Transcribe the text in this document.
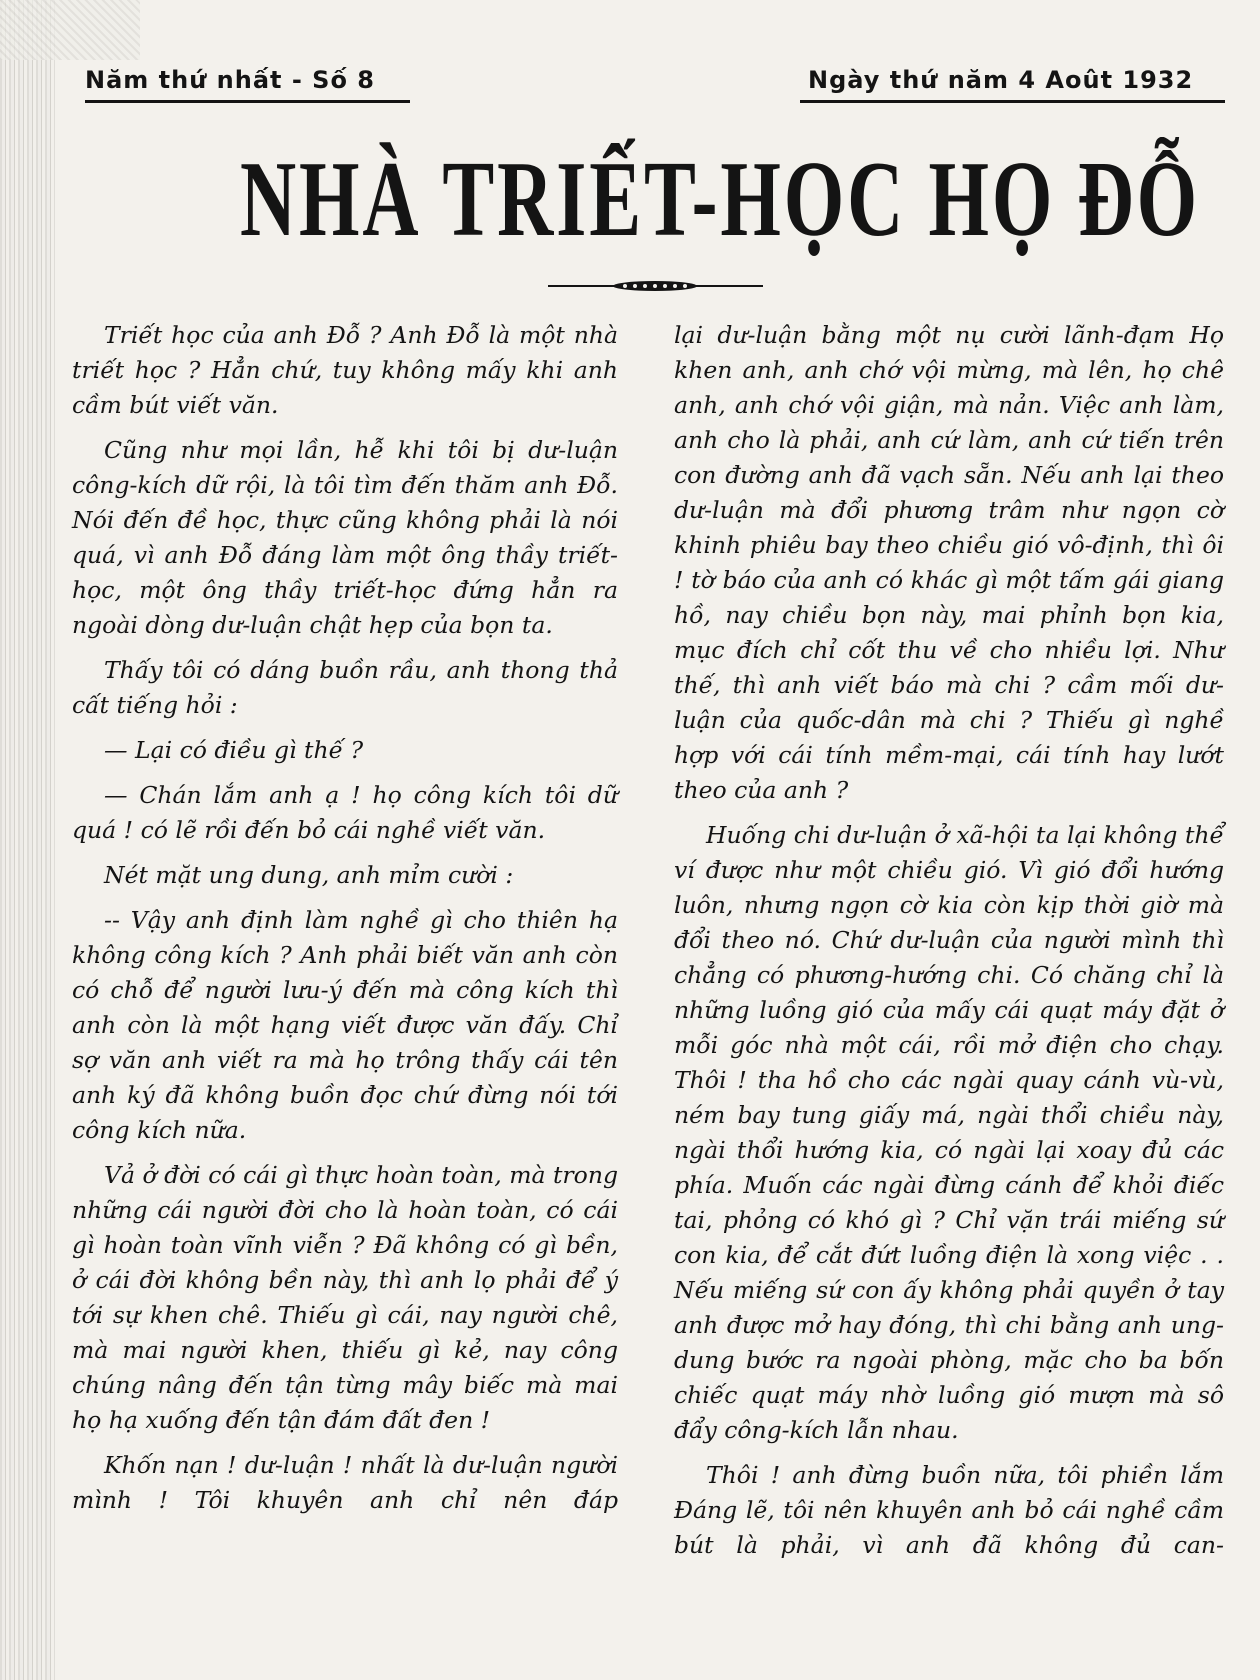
Năm thứ nhất - Số 8	Ngày thứ năm 4 Août 1932
NHÀ TRIẾT-HỌC HỌ ĐỖ

Triết học của anh Đỗ ? Anh Đỗ là một nhà triết học ? Hẳn chứ, tuy không mấy khi anh cầm bút viết văn.

Cũng như mọi lần, hễ khi tôi bị dư-luận công-kích dữ rội, là tôi tìm đến thăm anh Đỗ. Nói đến đề học, thực cũng không phải là nói quá, vì anh Đỗ đáng làm một ông thầy triết-học, một ông thầy triết-học đứng hẳn ra ngoài dòng dư-luận chật hẹp của bọn ta.

Thấy tôi có dáng buồn rầu, anh thong thả cất tiếng hỏi :

— Lại có điều gì thế ?

— Chán lắm anh ạ ! họ công kích tôi dữ quá ! có lẽ rồi đến bỏ cái nghề viết văn.

Nét mặt ung dung, anh mỉm cười :

-- Vậy anh định làm nghề gì cho thiên hạ không công kích ? Anh phải biết văn anh còn có chỗ để người lưu-ý đến mà công kích thì anh còn là một hạng viết được văn đấy. Chỉ sợ văn anh viết ra mà họ trông thấy cái tên anh ký đã không buồn đọc chứ đừng nói tới công kích nữa.

Vả ở đời có cái gì thực hoàn toàn, mà trong những cái người đời cho là hoàn toàn, có cái gì hoàn toàn vĩnh viễn ? Đã không có gì bền, ở cái đời không bền này, thì anh lọ phải để ý tới sự khen chê. Thiếu gì cái, nay người chê, mà mai người khen, thiếu gì kẻ, nay công chúng nâng đến tận từng mây biếc mà mai họ hạ xuống đến tận đám đất đen !

Khốn nạn ! dư-luận ! nhất là dư-luận người mình ! Tôi khuyên anh chỉ nên đáp

lại dư-luận bằng một nụ cười lãnh-đạm Họ khen anh, anh chớ vội mừng, mà lên, họ chê anh, anh chớ vội giận, mà nản. Việc anh làm, anh cho là phải, anh cứ làm, anh cứ tiến trên con đường anh đã vạch sẵn. Nếu anh lại theo dư-luận mà đổi phương trâm như ngọn cờ khinh phiêu bay theo chiều gió vô-định, thì ôi ! tờ báo của anh có khác gì một tấm gái giang hồ, nay chiều bọn này, mai phỉnh bọn kia, mục đích chỉ cốt thu về cho nhiều lợi. Như thế, thì anh viết báo mà chi ? cầm mối dư-luận của quốc-dân mà chi ? Thiếu gì nghề hợp với cái tính mềm-mại, cái tính hay lướt theo của anh ?

Huống chi dư-luận ở xã-hội ta lại không thể ví được như một chiều gió. Vì gió đổi hướng luôn, nhưng ngọn cờ kia còn kịp thời giờ mà đổi theo nó. Chứ dư-luận của người mình thì chẳng có phương-hướng chi. Có chăng chỉ là những luồng gió của mấy cái quạt máy đặt ở mỗi góc nhà một cái, rồi mở điện cho chạy. Thôi ! tha hồ cho các ngài quay cánh vù-vù, ném bay tung giấy má, ngài thổi chiều này, ngài thổi hướng kia, có ngài lại xoay đủ các phía. Muốn các ngài đừng cánh để khỏi điếc tai, phỏng có khó gì ? Chỉ vặn trái miếng sứ con kia, để cắt đứt luồng điện là xong việc . . Nếu miếng sứ con ấy không phải quyền ở tay anh được mở hay đóng, thì chi bằng anh ung-dung bước ra ngoài phòng, mặc cho ba bốn chiếc quạt máy nhờ luồng gió mượn mà sô đẩy công-kích lẫn nhau.

Thôi ! anh đừng buồn nữa, tôi phiền lắm Đáng lẽ, tôi nên khuyên anh bỏ cái nghề cầm bút là phải, vì anh đã không đủ can-
